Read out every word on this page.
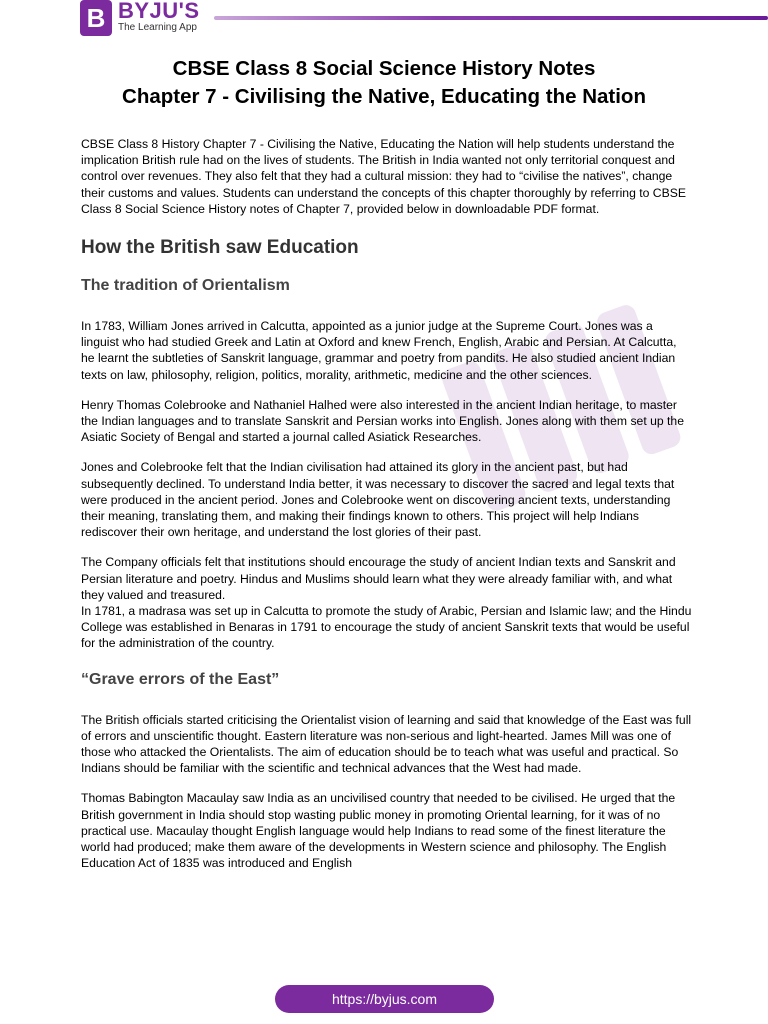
B BYJU'S
The Learning App
CBSE Class 8 Social Science History Notes
Chapter 7 - Civilising the Native, Educating the Nation

CBSE Class 8 History Chapter 7 - Civilising the Native, Educating the Nation will help students understand the implication British rule had on the lives of students. The British in India wanted not only territorial conquest and control over revenues. They also felt that they had a cultural mission: they had to “civilise the natives”, change their customs and values. Students can understand the concepts of this chapter thoroughly by referring to CBSE Class 8 Social Science History notes of Chapter 7, provided below in downloadable PDF format.

How the British saw Education
The tradition of Orientalism

In 1783, William Jones arrived in Calcutta, appointed as a junior judge at the Supreme Court. Jones was a linguist who had studied Greek and Latin at Oxford and knew French, English, Arabic and Persian. At Calcutta, he learnt the subtleties of Sanskrit language, grammar and poetry from pandits. He also studied ancient Indian texts on law, philosophy, religion, politics, morality, arithmetic, medicine and the other sciences.

Henry Thomas Colebrooke and Nathaniel Halhed were also interested in the ancient Indian heritage, to master the Indian languages and to translate Sanskrit and Persian works into English. Jones along with them set up the Asiatic Society of Bengal and started a journal called Asiatick Researches.

Jones and Colebrooke felt that the Indian civilisation had attained its glory in the ancient past, but had subsequently declined. To understand India better, it was necessary to discover the sacred and legal texts that were produced in the ancient period. Jones and Colebrooke went on discovering ancient texts, understanding their meaning, translating them, and making their findings known to others. This project will help Indians rediscover their own heritage, and understand the lost glories of their past.

The Company officials felt that institutions should encourage the study of ancient Indian texts and Sanskrit and Persian literature and poetry. Hindus and Muslims should learn what they were already familiar with, and what they valued and treasured.

In 1781, a madrasa was set up in Calcutta to promote the study of Arabic, Persian and Islamic law; and the Hindu College was established in Benaras in 1791 to encourage the study of ancient Sanskrit texts that would be useful for the administration of the country.

“Grave errors of the East”

The British officials started criticising the Orientalist vision of learning and said that knowledge of the East was full of errors and unscientific thought. Eastern literature was non-serious and light-hearted. James Mill was one of those who attacked the Orientalists. The aim of education should be to teach what was useful and practical. So Indians should be familiar with the scientific and technical advances that the West had made.

Thomas Babington Macaulay saw India as an uncivilised country that needed to be civilised. He urged that the British government in India should stop wasting public money in promoting Oriental learning, for it was of no practical use. Macaulay thought English language would help Indians to read some of the finest literature the world had produced; make them aware of the developments in Western science and philosophy. The English Education Act of 1835 was introduced and English

https://byjus.com
